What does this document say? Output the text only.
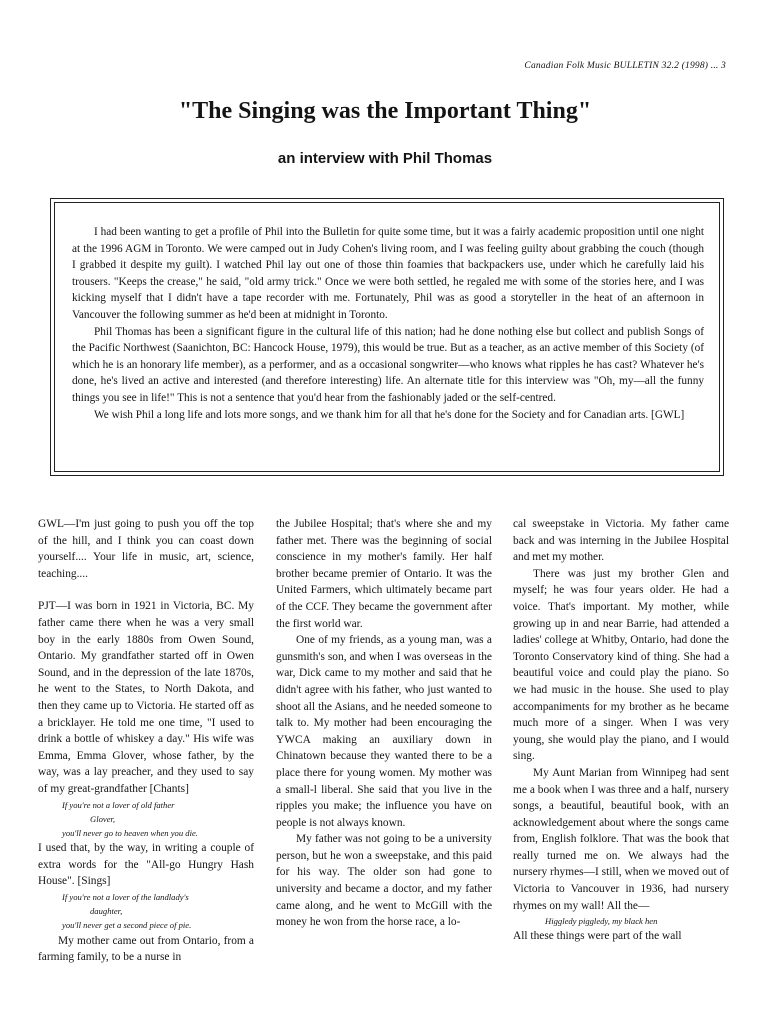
Canadian Folk Music BULLETIN 32.2 (1998) ... 3
"The Singing was the Important Thing"
an interview with Phil Thomas

I had been wanting to get a profile of Phil into the Bulletin for quite some time, but it was a fairly academic proposition until one night at the 1996 AGM in Toronto. We were camped out in Judy Cohen's living room, and I was feeling guilty about grabbing the couch (though I grabbed it despite my guilt). I watched Phil lay out one of those thin foamies that backpackers use, under which he carefully laid his trousers. "Keeps the crease," he said, "old army trick." Once we were both settled, he regaled me with some of the stories here, and I was kicking myself that I didn't have a tape recorder with me. Fortunately, Phil was as good a storyteller in the heat of an afternoon in Vancouver the following summer as he'd been at midnight in Toronto.

Phil Thomas has been a significant figure in the cultural life of this nation; had he done nothing else but collect and publish Songs of the Pacific Northwest (Saanichton, BC: Hancock House, 1979), this would be true. But as a teacher, as an active member of this Society (of which he is an honorary life member), as a performer, and as a occasional songwriter—who knows what ripples he has cast? Whatever he's done, he's lived an active and interested (and therefore interesting) life. An alternate title for this interview was "Oh, my—all the funny things you see in life!" This is not a sentence that you'd hear from the fashionably jaded or the self-centred.

We wish Phil a long life and lots more songs, and we thank him for all that he's done for the Society and for Canadian arts. [GWL]

GWL—I'm just going to push you off the top of the hill, and I think you can coast down yourself.... Your life in music, art, science, teaching....

PJT—I was born in 1921 in Victoria, BC. My father came there when he was a very small boy in the early 1880s from Owen Sound, Ontario. My grandfather started off in Owen Sound, and in the depression of the late 1870s, he went to the States, to North Dakota, and then they came up to Victoria. He started off as a bricklayer. He told me one time, "I used to drink a bottle of whiskey a day." His wife was Emma, Emma Glover, whose father, by the way, was a lay preacher, and they used to say of my great-grandfather [Chants]

If you're not a lover of old father
Glover,
you'll never go to heaven when you die.

I used that, by the way, in writing a couple of extra words for the "All-go Hungry Hash House". [Sings]

If you're not a lover of the landlady's
daughter,
you'll never get a second piece of pie.

My mother came out from Ontario, from a farming family, to be a nurse in

the Jubilee Hospital; that's where she and my father met. There was the beginning of social conscience in my mother's family. Her half brother became premier of Ontario. It was the United Farmers, which ultimately became part of the CCF. They became the government after the first world war.

One of my friends, as a young man, was a gunsmith's son, and when I was overseas in the war, Dick came to my mother and said that he didn't agree with his father, who just wanted to shoot all the Asians, and he needed someone to talk to. My mother had been encouraging the YWCA making an auxiliary down in Chinatown because they wanted there to be a place there for young women. My mother was a small-l liberal. She said that you live in the ripples you make; the influence you have on people is not always known.

My father was not going to be a university person, but he won a sweepstake, and this paid for his way. The older son had gone to university and became a doctor, and my father came along, and he went to McGill with the money he won from the horse race, a lo-

cal sweepstake in Victoria. My father came back and was interning in the Jubilee Hospital and met my mother.

There was just my brother Glen and myself; he was four years older. He had a voice. That's important. My mother, while growing up in and near Barrie, had attended a ladies' college at Whitby, Ontario, had done the Toronto Conservatory kind of thing. She had a beautiful voice and could play the piano. So we had music in the house. She used to play accompaniments for my brother as he became much more of a singer. When I was very young, she would play the piano, and I would sing.

My Aunt Marian from Winnipeg had sent me a book when I was three and a half, nursery songs, a beautiful, beautiful book, with an acknowledgement about where the songs came from, English folklore. That was the book that really turned me on. We always had the nursery rhymes—I still, when we moved out of Victoria to Vancouver in 1936, had nursery rhymes on my wall! All the—

Higgledy piggledy, my black hen

All these things were part of the wall
